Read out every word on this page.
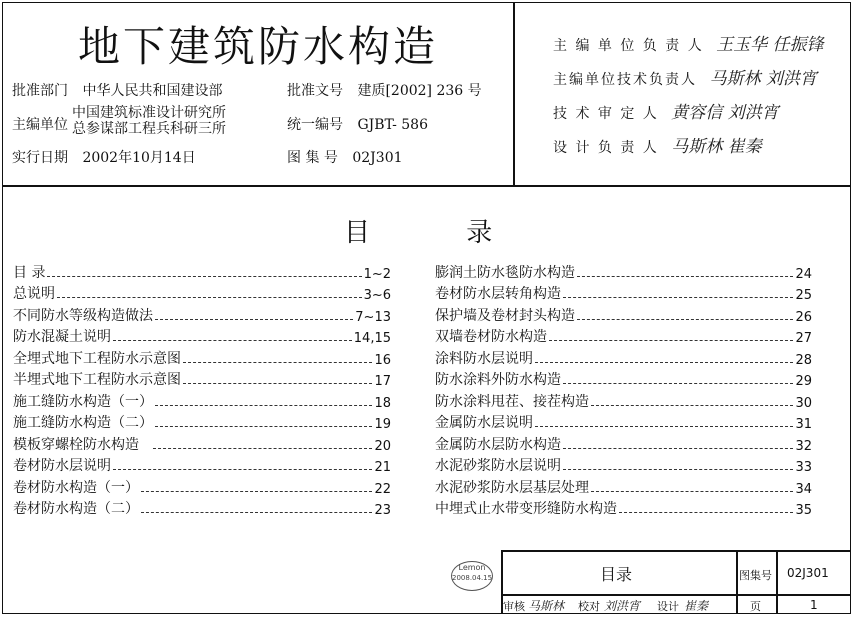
地下建筑防水构造
批准部门 中华人民共和国建设部	批准文号 建质[2002] 236 号
主编单位
中国建筑标准设计研究所
总参谋部工程兵科研三所	统一编号 GJBT- 586
实行日期 2002年10月14日	图 集 号 02J301
主 编 单 位 负 责 人 王玉华 任振锋
主编单位技术负责人 马斯林 刘洪宵
技 术 审 定 人 黄容信 刘洪宵
设 计 负 责 人 马斯林 崔秦
目	录
目 录	1~2
总说明	3~6
不同防水等级构造做法	7~13
防水混凝土说明	14,15
全埋式地下工程防水示意图	16
半埋式地下工程防水示意图	17
施工缝防水构造（一）	18
施工缝防水构造（二）	19
模板穿螺栓防水构造	20
卷材防水层说明	21
卷材防水构造（一）	22
卷材防水构造（二）	23
膨润土防水毯防水构造	24
卷材防水层转角构造	25
保护墙及卷材封头构造	26
双墙卷材防水构造	27
涂料防水层说明	28
防水涂料外防水构造	29
防水涂料甩茬、接茬构造	30
金属防水层说明	31
金属防水层防水构造	32
水泥砂浆防水层说明	33
水泥砂浆防水层基层处理	34
中埋式止水带变形缝防水构造	35
Lemon
2008.04.15	目录	图集号 02J301
审核 马斯林 校对 刘洪宵 设计 崔秦	页	1
